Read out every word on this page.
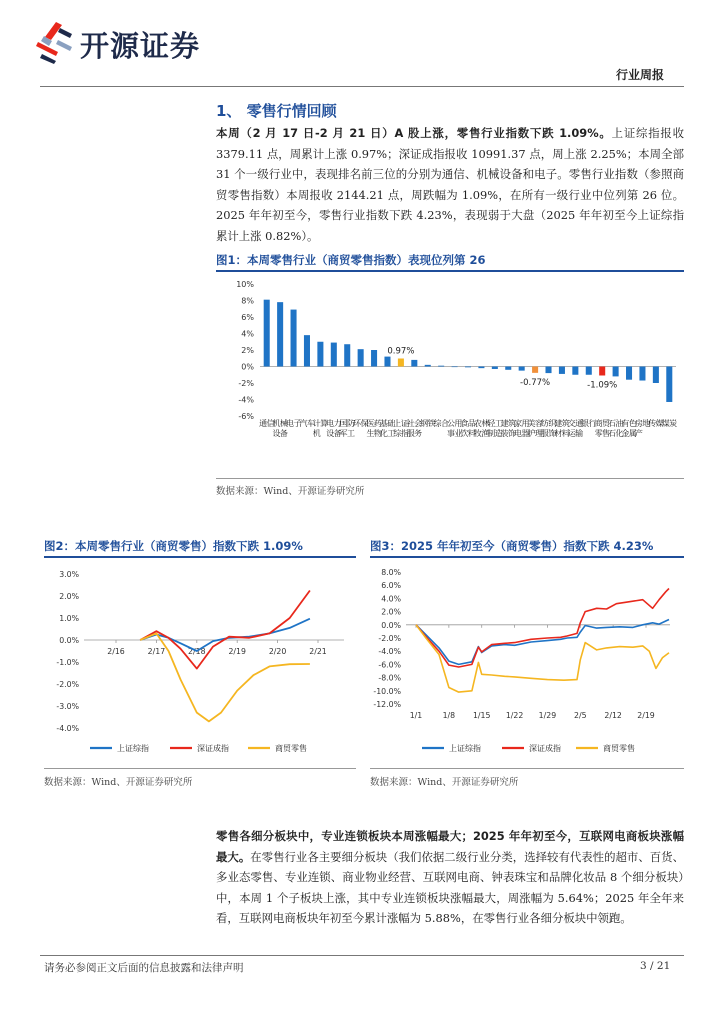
开源证券
行业周报
1、 零售行情回顾
本周（2 月 17 日-2 月 21 日）A 股上涨，零售行业指数下跌 1.09%。上证综指报收 3379.11 点，周累计上涨 0.97%；深证成指报收 10991.37 点，周上涨 2.25%；本周全部 31 个一级行业中，表现排名前三位的分别为通信、机械设备和电子。零售行业指数（参照商贸零售指数）本周报收 2144.21 点，周跌幅为 1.09%，在所有一级行业中位列第 26 位。2025 年年初至今，零售行业指数下跌 4.23%，表现弱于大盘（2025 年年初至今上证综指累计上涨 0.82%）。
图1：本周零售行业（商贸零售指数）表现位列第 26
10%
8%
6%
4%
2%
0%
-2%
-4%
-6%
通 信
机 械
设 备
电 子
汽 车
计 算
机
电 力
设 备
国 防
军 工
环 保
医 药
生 物
基 础
化 工
上 证
综 指
0.97%
社 会
服 务
钢 铁
综 合
公 用
事 业
食 品
饮 料
农 林
牧 渔
轻 工
制 造
建 筑
装 饰
家 用
电 器
美 容
护 理
-0.77%
纺 织
服 饰
建 筑
材 料
交 通
运 输
银 行
商 贸
零 售
-1.09%
石 油
石 化
有 色
金 属
房 地
产
传 媒
煤 炭
数据来源：Wind、开源证券研究所
图2：本周零售行业（商贸零售）指数下跌 1.09%
3.0%
2.0%
1.0%
0.0%
-1.0%
-2.0%
-3.0%
-4.0%
2/16	2/17	2/18	2/19	2/20	2/21
上证综指	深证成指	商贸零售
数据来源：Wind、开源证券研究所
图3：2025 年年初至今（商贸零售）指数下跌 4.23%
8.0%
6.0%
4.0%
2.0%
0.0%
-2.0%
-4.0%
-6.0%
-8.0%
-10.0%
-12.0%
1/1	1/8 1/15 1/22 1/29 2/5 2/12 2/19
上证综指	深证成指	商贸零售
数据来源：Wind、开源证券研究所
零售各细分板块中，专业连锁板块本周涨幅最大；2025 年年初至今，互联网电商板块涨幅最大。在零售行业各主要细分板块（我们依据二级行业分类，选择较有代表性的超市、百货、多业态零售、专业连锁、商业物业经营、互联网电商、钟表珠宝和品牌化妆品 8 个细分板块）中，本周 1 个子板块上涨，其中专业连锁板块涨幅最大，周涨幅为 5.64%；2025 年全年来看，互联网电商板块年初至今累计涨幅为 5.88%，在零售行业各细分板块中领跑。
请务必参阅正文后面的信息披露和法律声明	3 / 21
